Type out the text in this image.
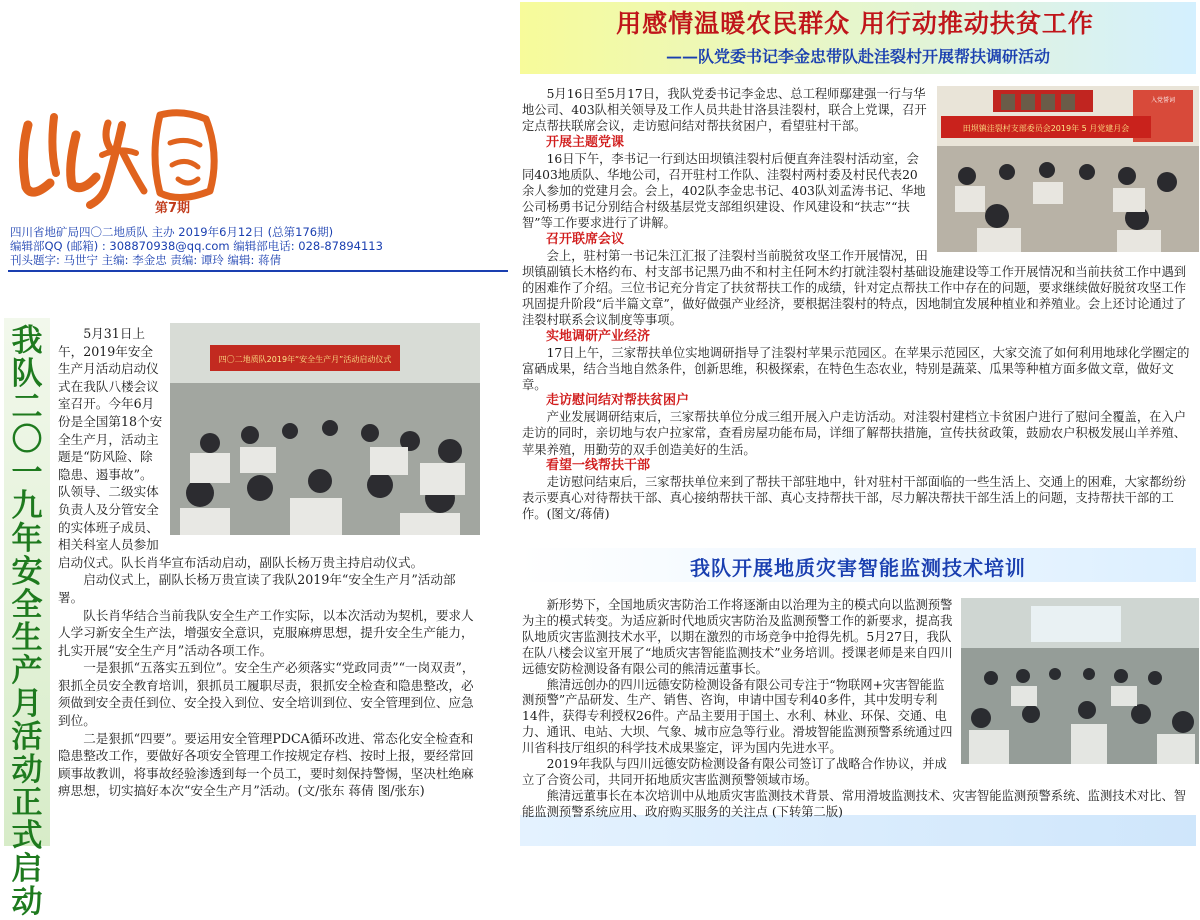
第7期
四川省地矿局四〇二地质队 主办 2019年6月12日 (总第176期)
编辑部QQ (邮箱) : 308870938@qq.com 编辑部电话: 028-87894113
刊头题字: 马世宁 主编: 李金忠 责编: 谭玲 编辑: 蒋倩
我队二〇一九年安全生产月活动正式启动
四〇二地质队2019年“安全生产月”活动启动仪式

5月31日上午，2019年安全生产月活动启动仪式在我队八楼会议室召开。今年6月份是全国第18个安全生产月，活动主题是“防风险、除隐患、遏事故”。队领导、二级实体负责人及分管安全的实体班子成员、相关科室人员参加启动仪式。队长肖华宣布活动启动，副队长杨万贵主持启动仪式。

启动仪式上，副队长杨万贵宣读了我队2019年“安全生产月”活动部署。

队长肖华结合当前我队安全生产工作实际，以本次活动为契机，要求人人学习新安全生产法，增强安全意识，克服麻痹思想，提升安全生产能力，扎实开展“安全生产月”活动各项工作。

一是狠抓“五落实五到位”。安全生产必须落实“党政同责”“一岗双责”，狠抓全员安全教育培训，狠抓员工履职尽责，狠抓安全检查和隐患整改，必须做到安全责任到位、安全投入到位、安全培训到位、安全管理到位、应急到位。

二是狠抓“四要”。要运用安全管理PDCA循环改进、常态化安全检查和隐患整改工作，要做好各项安全管理工作按规定存档、按时上报，要经常回顾事故教训，将事故经验渗透到每一个员工，要时刻保持警惕，坚决杜绝麻痹思想，切实搞好本次“安全生产月”活动。(文/张东 蒋倩 图/张东)

用感情温暖农民群众 用行动推动扶贫工作
——队党委书记李金忠带队赴洼裂村开展帮扶调研活动
入党誓词
田坝镇洼裂村支部委员会2019年 5 月党建月会

5月16日至5月17日，我队党委书记李金忠、总工程师鄢建强一行与华地公司、403队相关领导及工作人员共赴甘洛县洼裂村，联合上党课，召开定点帮扶联席会议，走访慰问结对帮扶贫困户，看望驻村干部。

开展主题党课

16日下午，李书记一行到达田坝镇洼裂村后便直奔洼裂村活动室，会同403地质队、华地公司，召开驻村工作队、洼裂村两村委及村民代表20余人参加的党建月会。会上，402队李金忠书记、403队刘孟涛书记、华地公司杨勇书记分别结合村级基层党支部组织建设、作风建设和“扶志”“扶智”等工作要求进行了讲解。

召开联席会议

会上，驻村第一书记朱江汇报了洼裂村当前脱贫攻坚工作开展情况，田坝镇副镇长木格约布、村支部书记黑乃曲不和村主任阿木约打就洼裂村基础设施建设等工作开展情况和当前扶贫工作中遇到的困难作了介绍。三位书记充分肯定了扶贫帮扶工作的成绩，针对定点帮扶工作中存在的问题，要求继续做好脱贫攻坚工作巩固提升阶段“后半篇文章”，做好做强产业经济，要根据洼裂村的特点，因地制宜发展种植业和养殖业。会上还讨论通过了洼裂村联系会议制度等事项。

实地调研产业经济

17日上午，三家帮扶单位实地调研指导了洼裂村苹果示范园区。在苹果示范园区，大家交流了如何利用地球化学圈定的富硒成果，结合当地自然条件，创新思维，积极探索，在特色生态农业，特别是蔬菜、瓜果等种植方面多做文章，做好文章。

走访慰问结对帮扶贫困户

产业发展调研结束后，三家帮扶单位分成三组开展入户走访活动。对洼裂村建档立卡贫困户进行了慰问全覆盖，在入户走访的同时，亲切地与农户拉家常，查看房屋功能布局，详细了解帮扶措施，宣传扶贫政策，鼓励农户积极发展山羊养殖、苹果养殖，用勤劳的双手创造美好的生活。

看望一线帮扶干部

走访慰问结束后，三家帮扶单位来到了帮扶干部驻地中，针对驻村干部面临的一些生活上、交通上的困难，大家都纷纷表示要真心对待帮扶干部、真心接纳帮扶干部、真心支持帮扶干部，尽力解决帮扶干部生活上的问题，支持帮扶干部的工作。(图文/蒋倩)

我队开展地质灾害智能监测技术培训

新形势下，全国地质灾害防治工作将逐渐由以治理为主的模式向以监测预警为主的模式转变。为适应新时代地质灾害防治及监测预警工作的新要求，提高我队地质灾害监测技术水平，以期在激烈的市场竞争中抢得先机。5月27日，我队在队八楼会议室开展了“地质灾害智能监测技术”业务培训。授课老师是来自四川远德安防检测设备有限公司的熊清远董事长。

熊清远创办的四川远德安防检测设备有限公司专注于“物联网+灾害智能监测预警”产品研发、生产、销售、咨询，申请中国专利40多件，其中发明专利14件，获得专利授权26件。产品主要用于国土、水利、林业、环保、交通、电力、通讯、电站、大坝、气象、城市应急等行业。滑坡智能监测预警系统通过四川省科技厅组织的科学技术成果鉴定，评为国内先进水平。

2019年我队与四川远德安防检测设备有限公司签订了战略合作协议，并成立了合资公司，共同开拓地质灾害监测预警领域市场。

熊清远董事长在本次培训中从地质灾害监测技术背景、常用滑坡监测技术、灾害智能监测预警系统、监测技术对比、智能监测预警系统应用、政府购买服务的关注点 (下转第二版)
